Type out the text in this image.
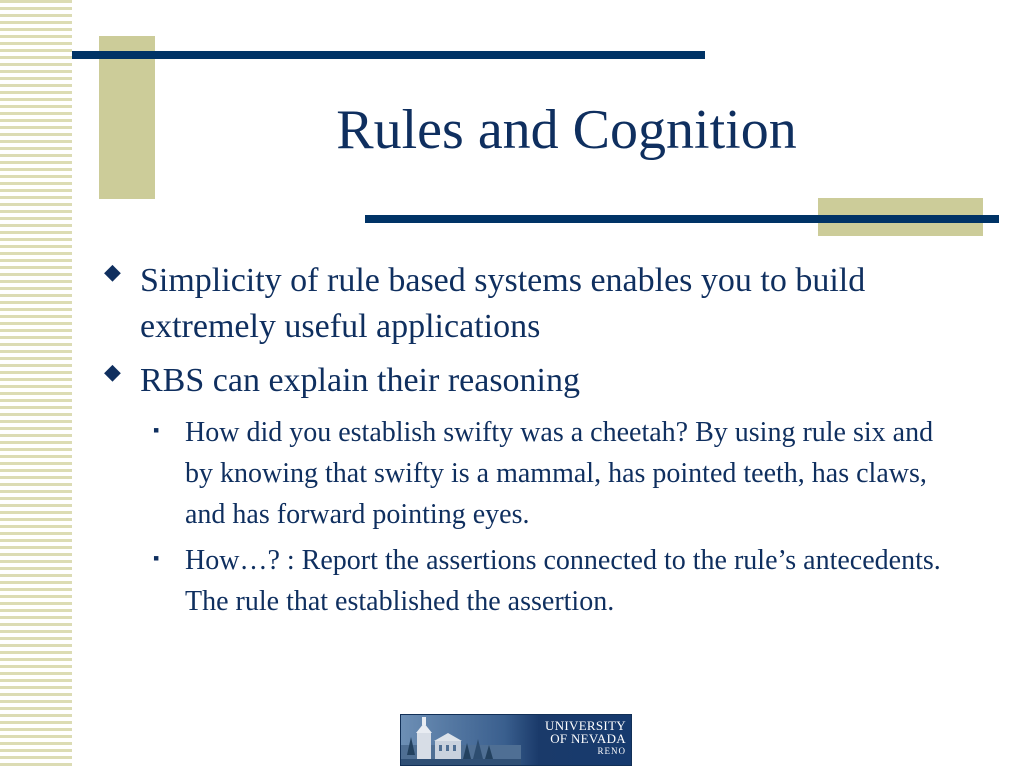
Rules and Cognition
◆ Simplicity of rule based systems enables you to build extremely useful applications
◆ RBS can explain their reasoning
▪ How did you establish swifty was a cheetah? By using rule six and by knowing that swifty is a mammal, has pointed teeth, has claws, and has forward pointing eyes.
▪ How…? : Report the assertions connected to the rule’s antecedents. The rule that established the assertion.
UNIVERSITY
OF NEVADA
RENO
